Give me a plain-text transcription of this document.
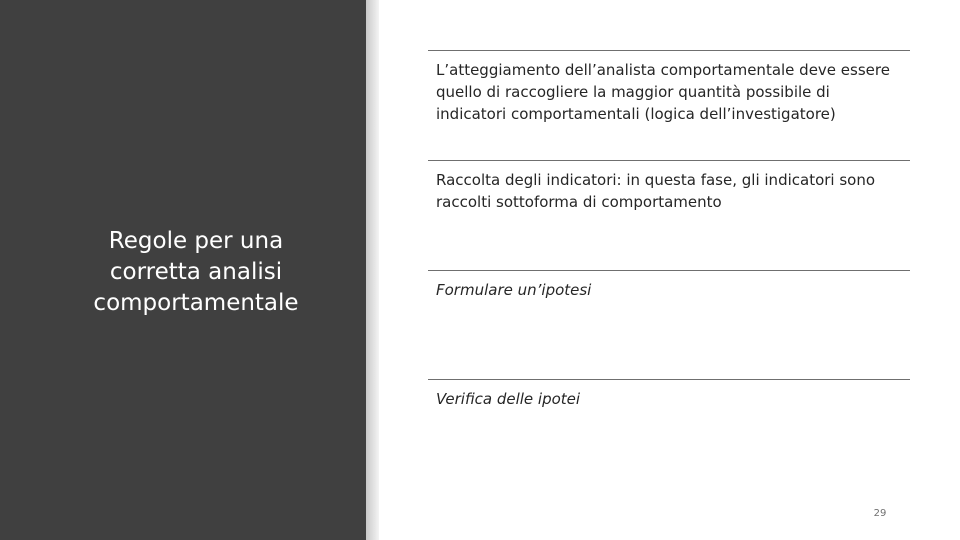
Regole per una corretta analisi comportamentale
L’atteggiamento dell’analista comportamentale deve essere quello di raccogliere la maggior quantità possibile di indicatori comportamentali (logica dell’investigatore)
Raccolta degli indicatori: in questa fase, gli indicatori sono raccolti sottoforma di comportamento
Formulare un’ipotesi
Verifica delle ipotei
29
